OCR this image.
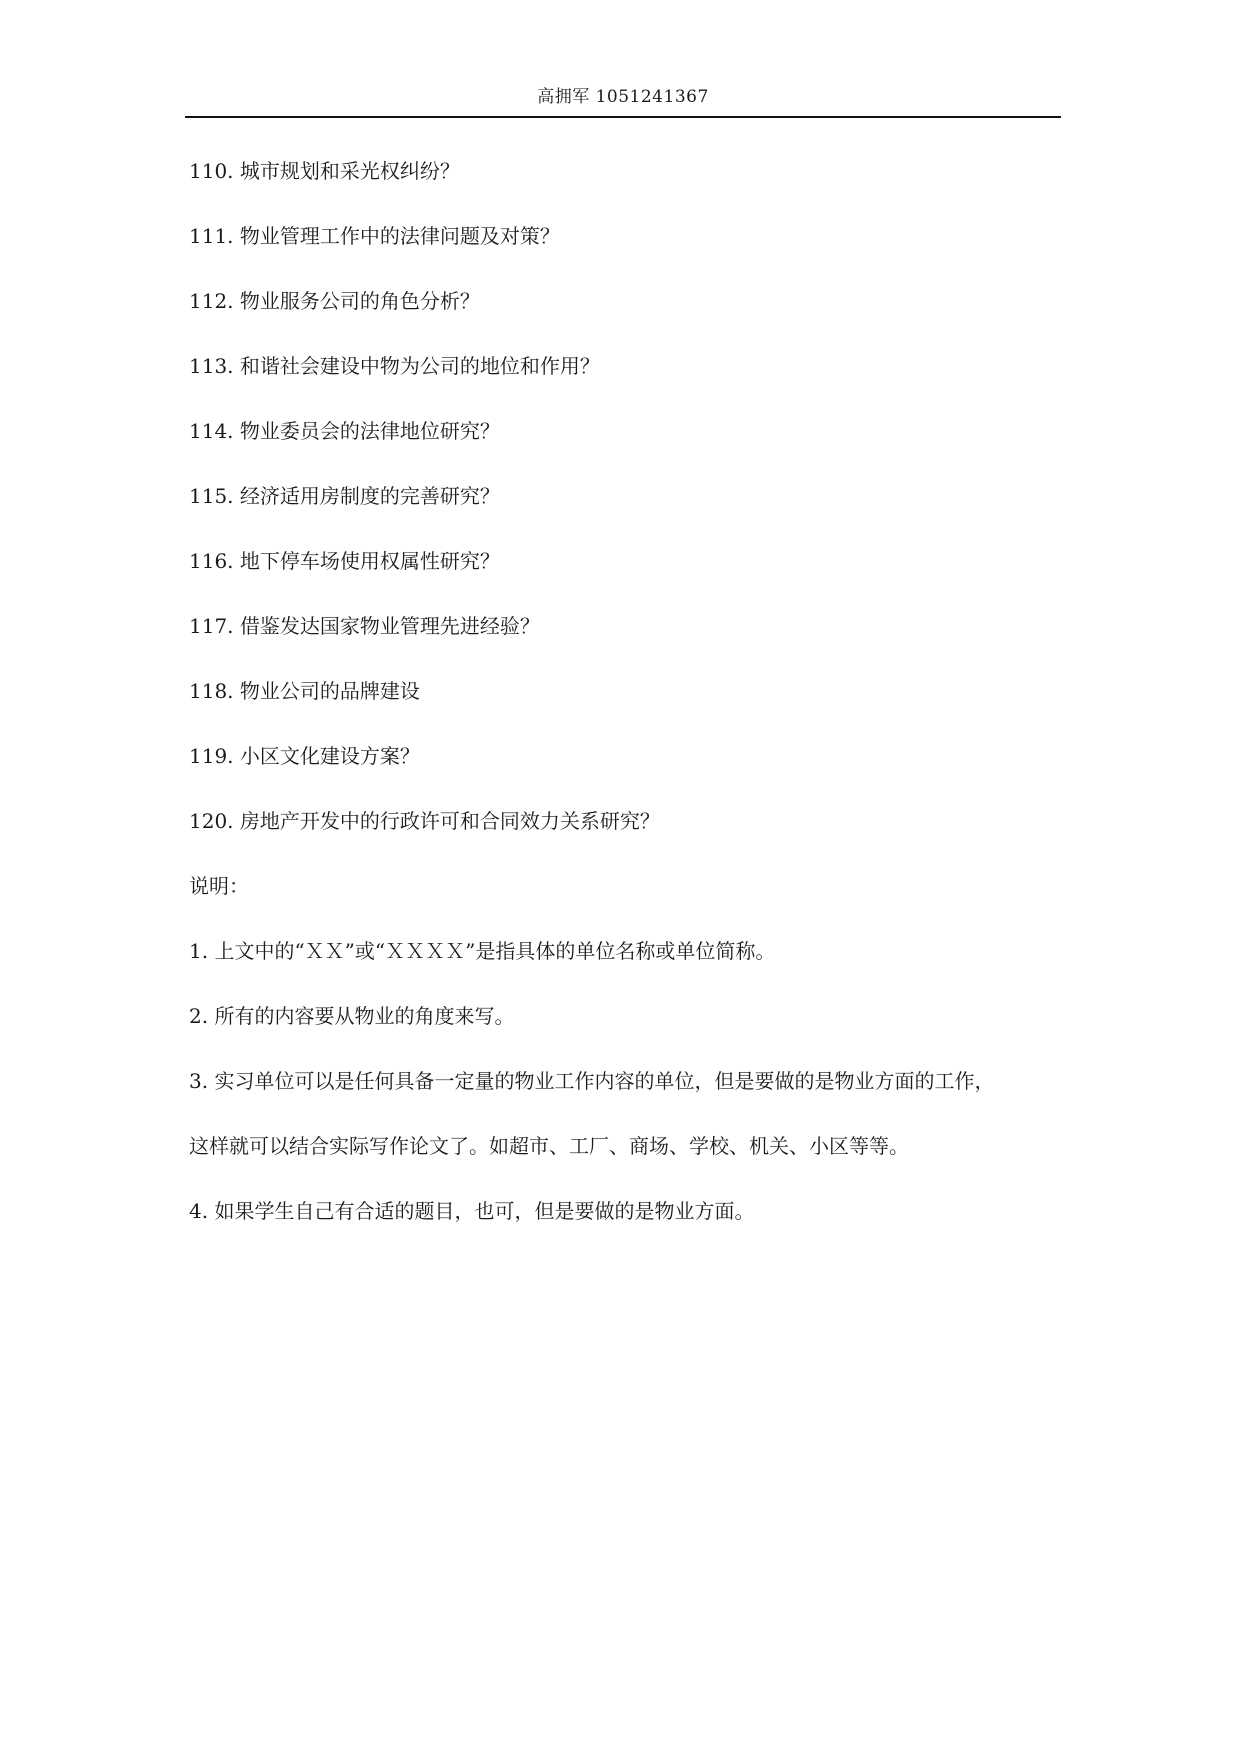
高拥军 1051241367
110. 城市规划和采光权纠纷？
111. 物业管理工作中的法律问题及对策？
112. 物业服务公司的角色分析？
113. 和谐社会建设中物为公司的地位和作用？
114. 物业委员会的法律地位研究？
115. 经济适用房制度的完善研究？
116. 地下停车场使用权属性研究？
117. 借鉴发达国家物业管理先进经验？
118. 物业公司的品牌建设
119. 小区文化建设方案？
120. 房地产开发中的行政许可和合同效力关系研究？
说明：
1. 上文中的“ＸＸ”或“ＸＸＸＸ”是指具体的单位名称或单位简称。
2. 所有的内容要从物业的角度来写。
3. 实习单位可以是任何具备一定量的物业工作内容的单位，但是要做的是物业方面的工作，
这样就可以结合实际写作论文了。如超市、工厂、商场、学校、机关、小区等等。
4. 如果学生自己有合适的题目，也可，但是要做的是物业方面。
